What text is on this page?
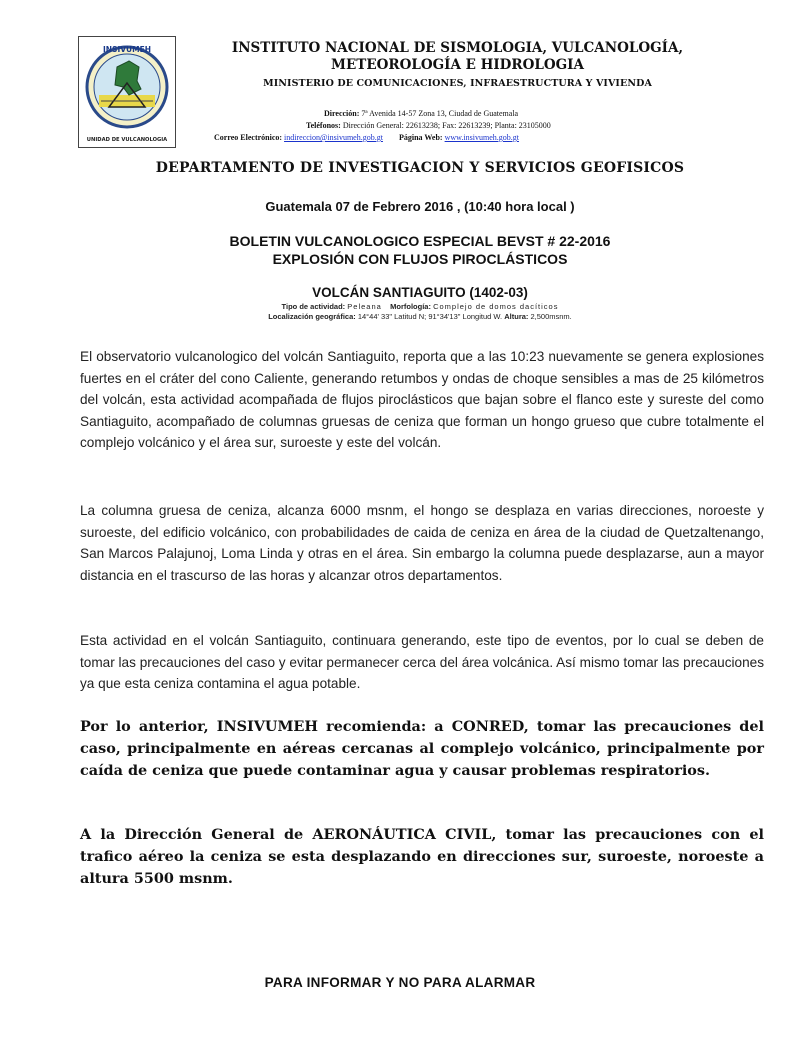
INSIVUMEH
UNIDAD DE VULCANOLOGIA
INSTITUTO NACIONAL DE SISMOLOGIA, VULCANOLOGÍA,
METEOROLOGÍA E HIDROLOGIA
MINISTERIO DE COMUNICACIONES, INFRAESTRUCTURA Y VIVIENDA
Dirección: 7ª Avenida 14-57 Zona 13, Ciudad de Guatemala
Teléfonos: Dirección General: 22613238; Fax: 22613239; Planta: 23105000
Correo Electrónico: indireccion@insivumeh.gob.gt Página Web: www.insivumeh.gob.gt
DEPARTAMENTO DE INVESTIGACION Y SERVICIOS GEOFISICOS
Guatemala 07 de Febrero 2016 , (10:40 hora local )
BOLETIN VULCANOLOGICO ESPECIAL BEVST # 22-2016
EXPLOSIÓN CON FLUJOS PIROCLÁSTICOS
VOLCÁN SANTIAGUITO (1402-03)
Tipo de actividad: Peleana Morfología: Complejo de domos dacíticos
Localización geográfica: 14°44' 33" Latitud N; 91°34'13" Longitud W. Altura: 2,500msnm.

El observatorio vulcanologico del volcán Santiaguito, reporta que a las 10:23 nuevamente se genera explosiones fuertes en el cráter del cono Caliente, generando retumbos y ondas de choque sensibles a mas de 25 kilómetros del volcán, esta actividad acompañada de flujos piroclásticos que bajan sobre el flanco este y sureste del como Santiaguito, acompañado de columnas gruesas de ceniza que forman un hongo grueso que cubre totalmente el complejo volcánico y el área sur, suroeste y este del volcán.

La columna gruesa de ceniza, alcanza 6000 msnm, el hongo se desplaza en varias direcciones, noroeste y suroeste, del edificio volcánico, con probabilidades de caida de ceniza en área de la ciudad de Quetzaltenango, San Marcos Palajunoj, Loma Linda y otras en el área. Sin embargo la columna puede desplazarse, aun a mayor distancia en el trascurso de las horas y alcanzar otros departamentos.

Esta actividad en el volcán Santiaguito, continuara generando, este tipo de eventos, por lo cual se deben de tomar las precauciones del caso y evitar permanecer cerca del área volcánica. Así mismo tomar las precauciones ya que esta ceniza contamina el agua potable.

Por lo anterior, INSIVUMEH recomienda: a CONRED, tomar las precauciones del caso, principalmente en aéreas cercanas al complejo volcánico, principalmente por caída de ceniza que puede contaminar agua y causar problemas respiratorios.

A la Dirección General de AERONÁUTICA CIVIL, tomar las precauciones con el trafico aéreo la ceniza se esta desplazando en direcciones sur, suroeste, noroeste a altura 5500 msnm.

PARA INFORMAR Y NO PARA ALARMAR
